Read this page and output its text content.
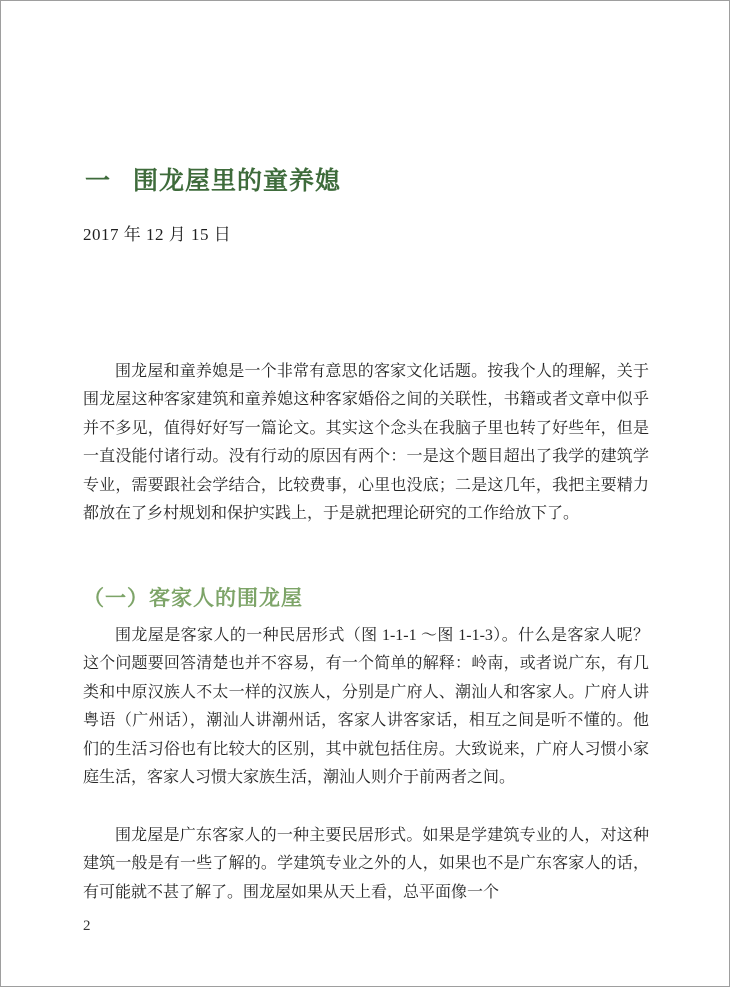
一 围龙屋里的童养媳
2017 年 12 月 15 日

围龙屋和童养媳是一个非常有意思的客家文化话题。按我个人的理解，关于围龙屋这种客家建筑和童养媳这种客家婚俗之间的关联性，书籍或者文章中似乎并不多见，值得好好写一篇论文。其实这个念头在我脑子里也转了好些年，但是一直没能付诸行动。没有行动的原因有两个：一是这个题目超出了我学的建筑学专业，需要跟社会学结合，比较费事，心里也没底；二是这几年，我把主要精力都放在了乡村规划和保护实践上，于是就把理论研究的工作给放下了。

（一）客家人的围龙屋

围龙屋是客家人的一种民居形式（图 1-1-1 ～图 1-1-3）。什么是客家人呢？这个问题要回答清楚也并不容易，有一个简单的解释：岭南，或者说广东，有几类和中原汉族人不太一样的汉族人，分别是广府人、潮汕人和客家人。广府人讲粤语（广州话），潮汕人讲潮州话，客家人讲客家话，相互之间是听不懂的。他们的生活习俗也有比较大的区别，其中就包括住房。大致说来，广府人习惯小家庭生活，客家人习惯大家族生活，潮汕人则介于前两者之间。

围龙屋是广东客家人的一种主要民居形式。如果是学建筑专业的人，对这种建筑一般是有一些了解的。学建筑专业之外的人，如果也不是广东客家人的话，有可能就不甚了解了。围龙屋如果从天上看，总平面像一个

2
